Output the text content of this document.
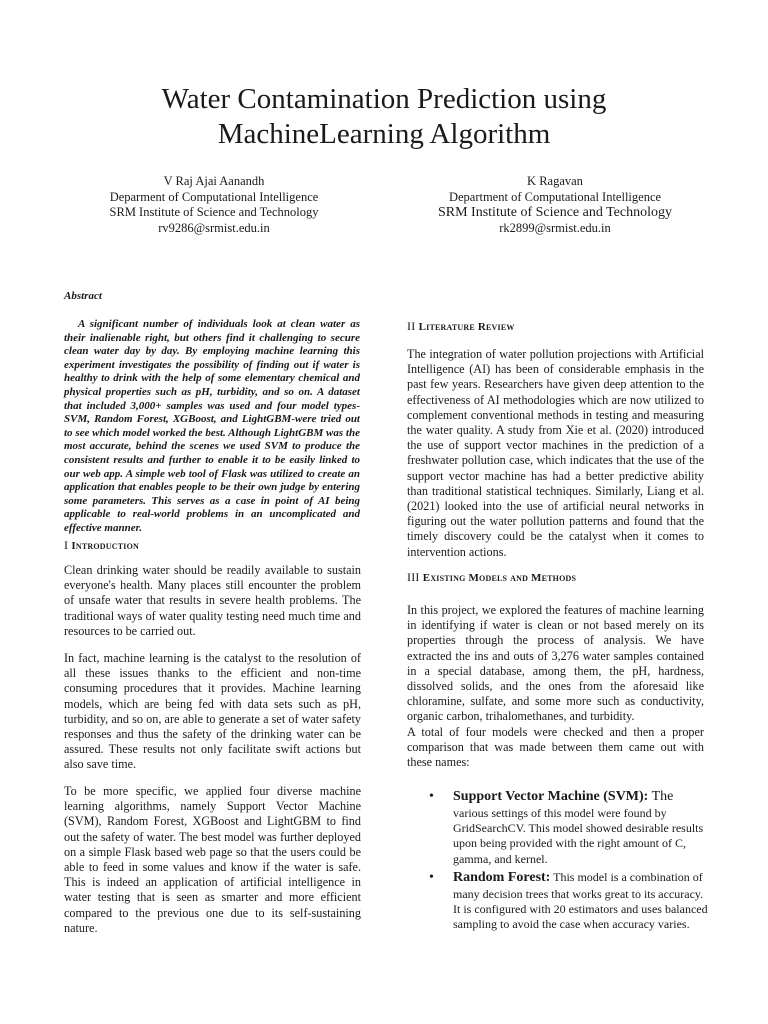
Water Contamination Prediction using MachineLearning Algorithm
V Raj Ajai Aanandh
Deparment of Computational Intelligence
SRM Institute of Science and Technology
rv9286@srmist.edu.in
K Ragavan
Department of Computational Intelligence
SRM Institute of Science and Technology
rk2899@srmist.edu.in
Abstract

A significant number of individuals look at clean water as their inalienable right, but others find it challenging to secure clean water day by day. By employing machine learning this experiment investigates the possibility of finding out if water is healthy to drink with the help of some elementary chemical and physical properties such as pH, turbidity, and so on. A dataset that included 3,000+ samples was used and four model types-SVM, Random Forest, XGBoost, and LightGBM-were tried out to see which model worked the best. Although LightGBM was the most accurate, behind the scenes we used SVM to produce the consistent results and further to enable it to be easily linked to our web app. A simple web tool of Flask was utilized to create an application that enables people to be their own judge by entering some parameters. This serves as a case in point of AI being applicable to real-world problems in an uncomplicated and effective manner.

I Introduction

Clean drinking water should be readily available to sustain everyone's health. Many places still encounter the problem of unsafe water that results in severe health problems. The traditional ways of water quality testing need much time and resources to be carried out.

In fact, machine learning is the catalyst to the resolution of all these issues thanks to the efficient and non-time consuming procedures that it provides. Machine learning models, which are being fed with data sets such as pH, turbidity, and so on, are able to generate a set of water safety responses and thus the safety of the drinking water can be assured. These results not only facilitate swift actions but also save time.

To be more specific, we applied four diverse machine learning algorithms, namely Support Vector Machine (SVM), Random Forest, XGBoost and LightGBM to find out the safety of water. The best model was further deployed on a simple Flask based web page so that the users could be able to feed in some values and know if the water is safe. This is indeed an application of artificial intelligence in water testing that is seen as smarter and more efficient compared to the previous one due to its self-sustaining nature.

II Literature Review

The integration of water pollution projections with Artificial Intelligence (AI) has been of considerable emphasis in the past few years. Researchers have given deep attention to the effectiveness of AI methodologies which are now utilized to complement conventional methods in testing and measuring the water quality. A study from Xie et al. (2020) introduced the use of support vector machines in the prediction of a freshwater pollution case, which indicates that the use of the support vector machine has had a better predictive ability than traditional statistical techniques. Similarly, Liang et al. (2021) looked into the use of artificial neural networks in figuring out the water pollution patterns and found that the timely discovery could be the catalyst when it comes to intervention actions.

III Existing Models and Methods

In this project, we explored the features of machine learning in identifying if water is clean or not based merely on its properties through the process of analysis. We have extracted the ins and outs of 3,276 water samples contained in a special database, among them, the pH, hardness, dissolved solids, and the ones from the aforesaid like chloramine, sulfate, and some more such as conductivity, organic carbon, trihalomethanes, and turbidity.

A total of four models were checked and then a proper comparison that was made between them came out with these names:

• Support Vector Machine (SVM): The
various settings of this model were found by GridSearchCV. This model showed desirable results upon being provided with the right amount of C, gamma, and kernel.
• Random Forest: This model is a combination of many decision trees that works great to its accuracy. It is configured with 20 estimators and uses balanced sampling to avoid the case when accuracy varies.
